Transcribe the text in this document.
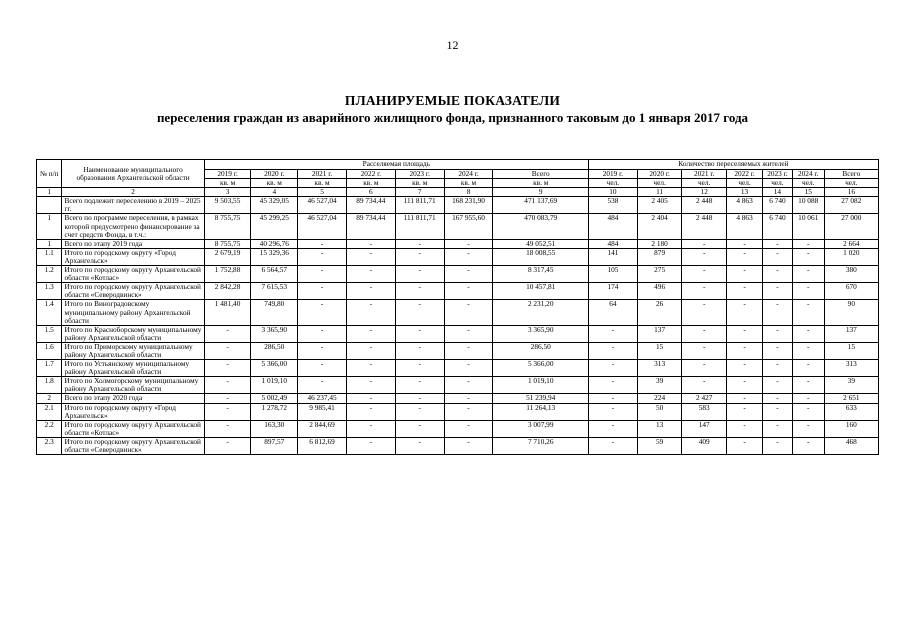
12
ПЛАНИРУЕМЫЕ ПОКАЗАТЕЛИ
переселения граждан из аварийного жилищного фонда, признанного таковым до 1 января 2017 года
№ п/п	Наименование муниципального образования Архангельской области	Расселяемая площадь							Количество переселяемых жителей						
		2019 г.	2020 г.	2021 г.	2022 г.	2023 г.	2024 г.	Всего	2019 г.	2020 г.	2021 г.	2022 г.	2023 г.	2024 г.	Всего
		кв. м	кв. м	кв. м	кв. м	кв. м	кв. м	кв. м	чел.	чел.	чел.	чел.	чел.	чел.	чел.
1	2	3	4	5	6	7	8	9	10	11	12	13	14	15	16
	Всего подлежит переселению в 2019 – 2025 гг.	9 503,55	45 329,05	46 527,04	89 734,44	111 811,71	168 231,90	471 137,69	538	2 405	2 448	4 863	6 740	10 088	27 082
1	Всего по программе переселения, в рамках которой предусмотрено финансирование за счет средств Фонда, в т.ч.:	8 755,75	45 299,25	46 527,04	89 734,44	111 811,71	167 955,60	470 083,79	484	2 404	2 448	4 863	6 740	10 061	27 000
1	Всего по этапу 2019 года	8 755,75	40 296,76	-	-	-	-	49 052,51	484	2 180	-	-	-	-	2 664
1.1	Итого по городскому округу «Город Архангельск»	2 679,19	15 329,36	-	-	-	-	18 008,55	141	879	-	-	-	-	1 020
1.2	Итого по городскому округу Архангельской области «Котлас»	1 752,88	6 564,57	-	-	-	-	8 317,45	105	275	-	-	-	-	380
1.3	Итого по городскому округу Архангельской области «Северодвинск»	2 842,28	7 615,53	-	-	-	-	10 457,81	174	496	-	-	-	-	670
1.4	Итого по Виноградовскому муниципальному району Архангельской области	1 481,40	749,80	-	-	-	-	2 231,20	64	26	-	-	-	-	90
1.5	Итого по Красноборскому муниципальному району Архангельской области	-	3 365,90	-	-	-	-	3 365,90	-	137	-	-	-	-	137
1.6	Итого по Приморскому муниципальному району Архангельской области	-	286,50	-	-	-	-	286,50	-	15	-	-	-	-	15
1.7	Итого по Устьянскому муниципальному району Архангельской области	-	5 366,00	-	-	-	-	5 366,00	-	313	-	-	-	-	313
1.8	Итого по Холмогорскому муниципальному району Архангельской области	-	1 019,10	-	-	-	-	1 019,10	-	39	-	-	-	-	39
2	Всего по этапу 2020 года	-	5 002,49	46 237,45	-	-	-	51 239,94	-	224	2 427	-	-	-	2 651
2.1	Итого по городскому округу «Город Архангельск»	-	1 278,72	9 985,41	-	-	-	11 264,13	-	50	583	-	-	-	633
2.2	Итого по городскому округу Архангельской области «Котлас»	-	163,30	2 844,69	-	-	-	3 007,99	-	13	147	-	-	-	160
2.3	Итого по городскому округу Архангельской области «Северодвинск»	-	897,57	6 812,69	-	-	-	7 710,26	-	59	409	-	-	-	468
